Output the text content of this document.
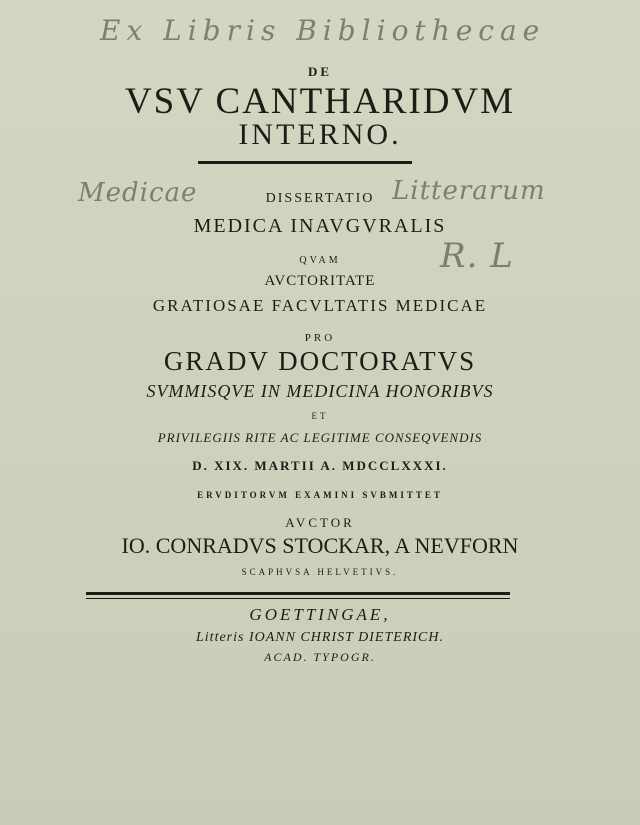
Ex Libris Bibliothecae
DE
VSV CANTHARIDVM
INTERNO.
Medicae	Litterarum
DISSERTATIO
MEDICA INAVGVRALIS
R. L
QVAM
AVCTORITATE
GRATIOSAE FACVLTATIS MEDICAE
PRO
GRADV DOCTORATVS
SVMMISQVE IN MEDICINA HONORIBVS
ET
PRIVILEGIIS RITE AC LEGITIME CONSEQVENDIS
D. XIX. MARTII A. MDCCLXXXI.
ERVDITORVM EXAMINI SVBMITTET
AVCTOR
IO. CONRADVS STOCKAR, A NEVFORN
SCAPHVSA HELVETIVS.
GOETTINGAE,
Litteris IOANN CHRIST DIETERICH.
ACAD. TYPOGR.
